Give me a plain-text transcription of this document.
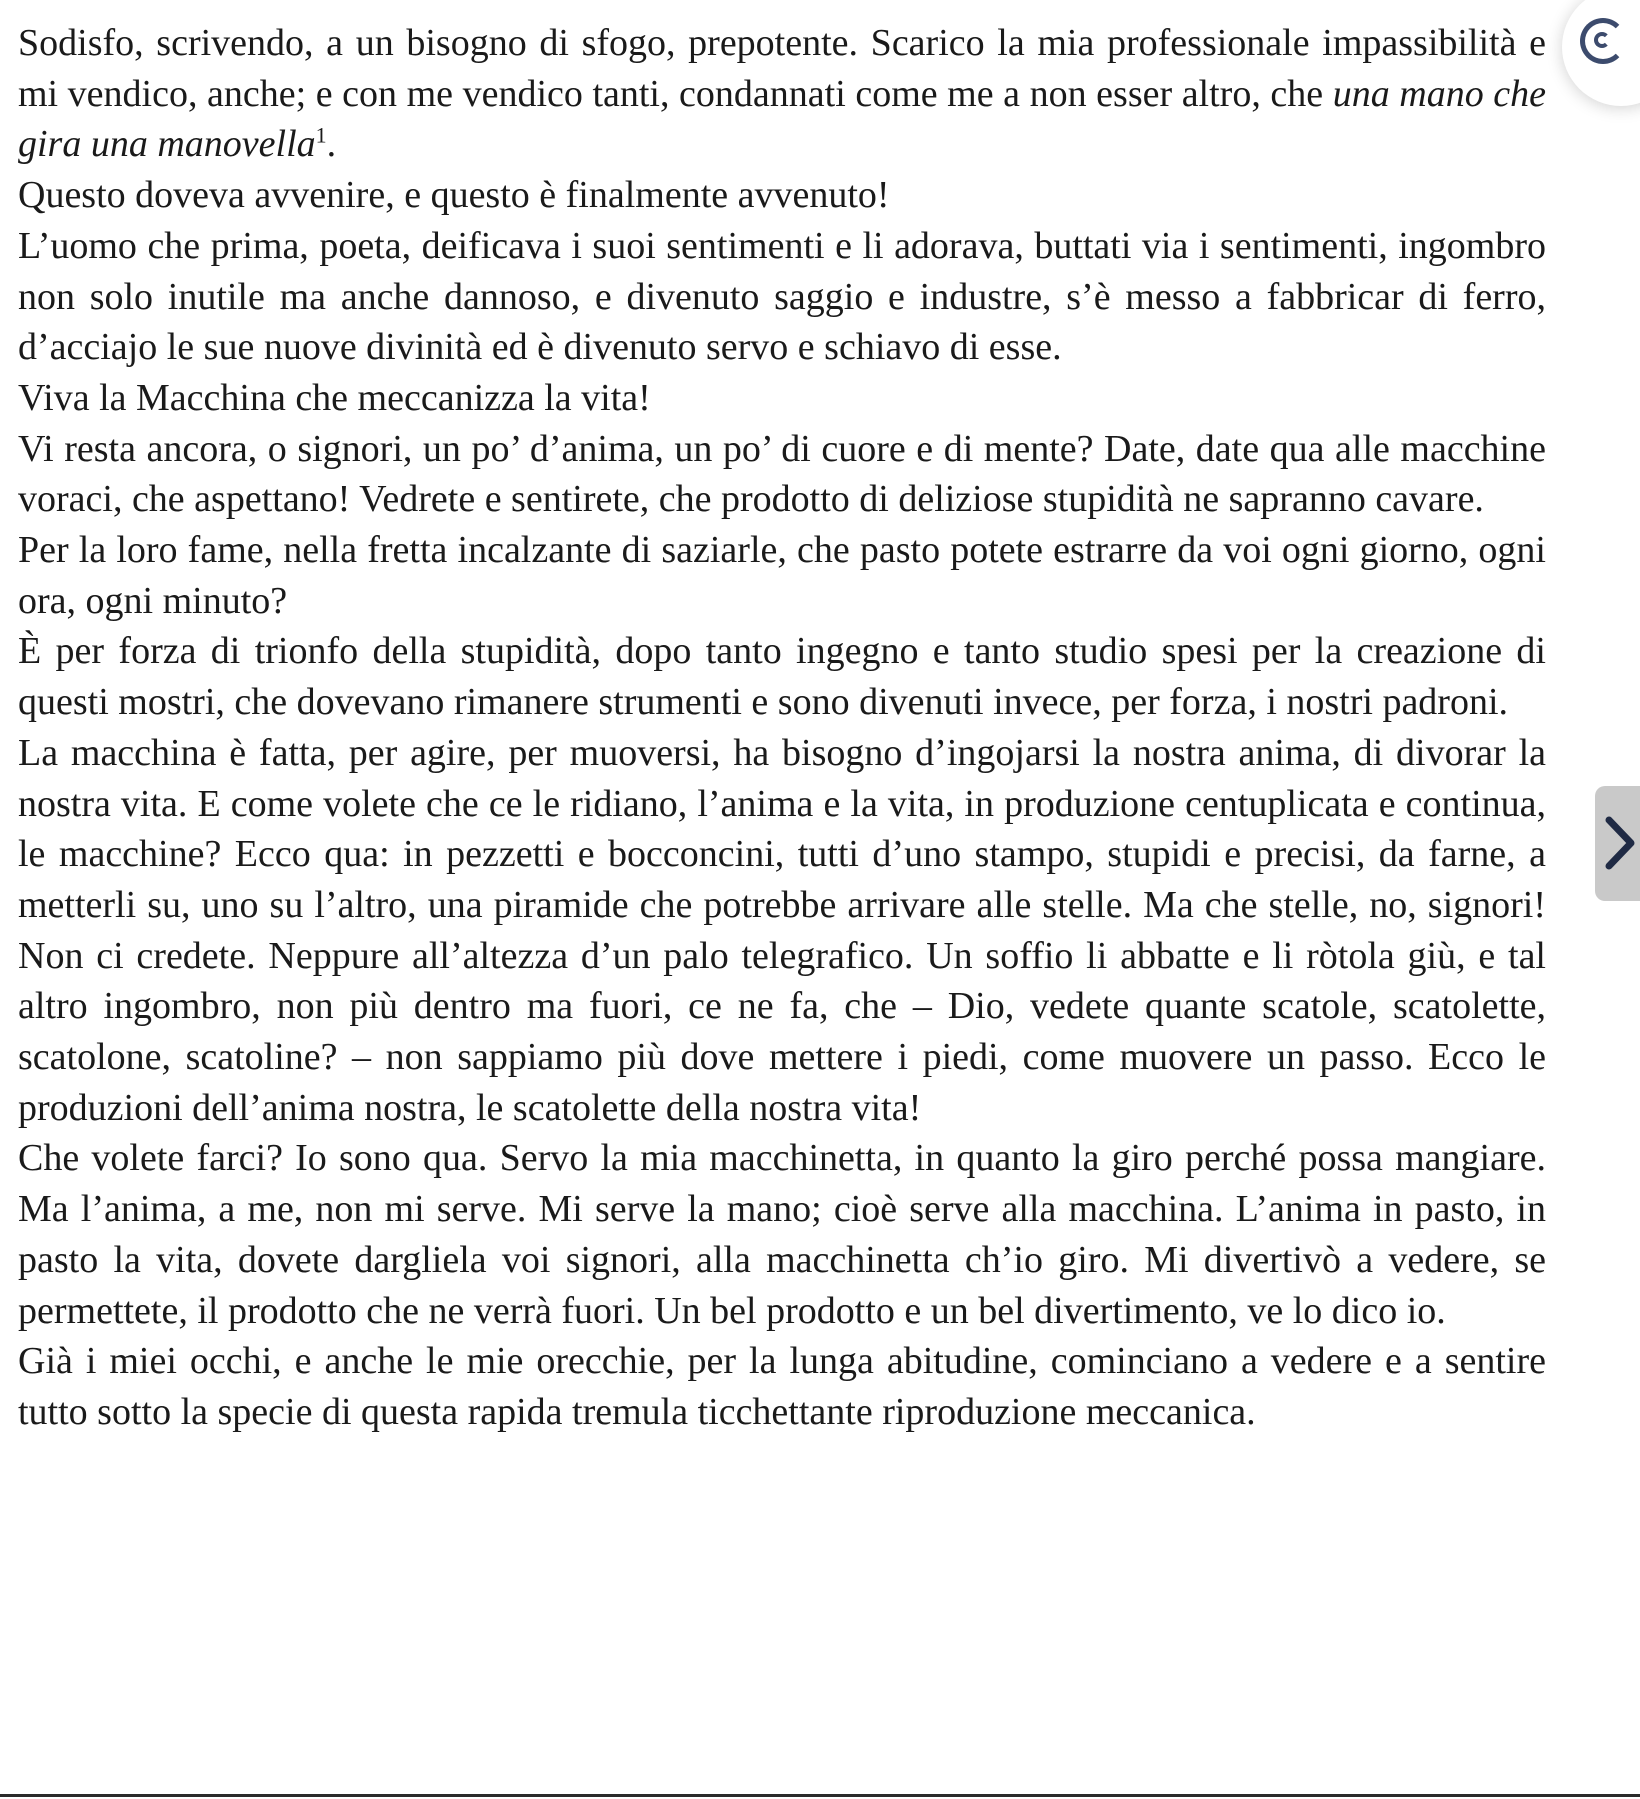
Sodisfo, scrivendo, a un bisogno di sfogo, prepotente. Scarico la mia professionale impassibilità e mi vendico, anche; e con me vendico tanti, condannati come me a non esser altro, che una mano che gira una manovella$^1$.

Questo doveva avvenire, e questo è finalmente avvenuto!

L’uomo che prima, poeta, deificava i suoi sentimenti e li adorava, buttati via i sentimenti, ingombro non solo inutile ma anche dannoso, e divenuto saggio e industre, s’è messo a fabbricar di ferro, d’acciajo le sue nuove divinità ed è divenuto servo e schiavo di esse.

Viva la Macchina che meccanizza la vita!

Vi resta ancora, o signori, un po’ d’anima, un po’ di cuore e di mente? Date, date qua alle macchine voraci, che aspettano! Vedrete e sentirete, che prodotto di deliziose stupidità ne sapranno cavare.

Per la loro fame, nella fretta incalzante di saziarle, che pasto potete estrarre da voi ogni giorno, ogni ora, ogni minuto?

È per forza di trionfo della stupidità, dopo tanto ingegno e tanto studio spesi per la creazione di questi mostri, che dovevano rimanere strumenti e sono divenuti invece, per forza, i nostri padroni.

La macchina è fatta, per agire, per muoversi, ha bisogno d’ingojarsi la nostra anima, di divorar la nostra vita. E come volete che ce le ridiano, l’anima e la vita, in produzione centuplicata e continua, le macchine? Ecco qua: in pezzetti e bocconcini, tutti d’uno stampo, stupidi e precisi, da farne, a metterli su, uno su l’altro, una piramide che potrebbe arrivare alle stelle. Ma che stelle, no, signori! Non ci credete. Neppure all’altezza d’un palo telegrafico. Un soffio li abbatte e li ròtola giù, e tal altro ingombro, non più dentro ma fuori, ce ne fa, che – Dio, vedete quante scatole, scatolette, scatolone, scatoline? – non sappiamo più dove mettere i piedi, come muovere un passo. Ecco le produzioni dell’anima nostra, le scatolette della nostra vita!

Che volete farci? Io sono qua. Servo la mia macchinetta, in quanto la giro perché possa mangiare. Ma l’anima, a me, non mi serve. Mi serve la mano; cioè serve alla macchina. L’anima in pasto, in pasto la vita, dovete dargliela voi signori, alla macchinetta ch’io giro. Mi divertivò a vedere, se permettete, il prodotto che ne verrà fuori. Un bel prodotto e un bel divertimento, ve lo dico io.

Già i miei occhi, e anche le mie orecchie, per la lunga abitudine, cominciano a vedere e a sentire tutto sotto la specie di questa rapida tremula ticchettante riproduzione meccanica.
